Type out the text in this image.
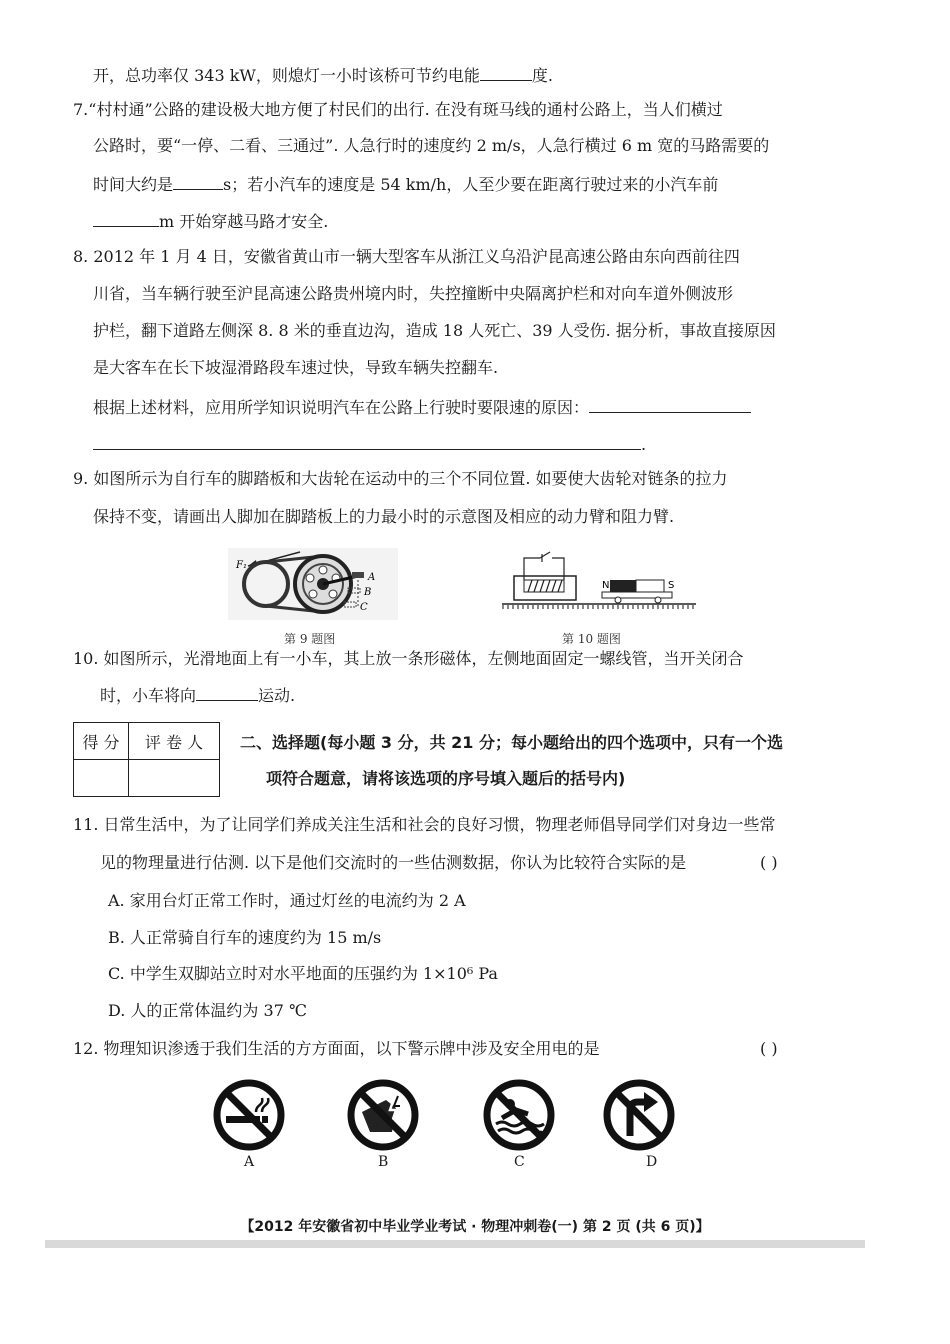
开，总功率仅 343 kW，则熄灯一小时该桥可节约电能	度.
7.“村村通”公路的建设极大地方便了村民们的出行. 在没有斑马线的通村公路上，当人们横过
公路时，要“一停、二看、三通过”. 人急行时的速度约 2 m/s，人急行横过 6 m 宽的马路需要的
时间大约是	s；若小汽车的速度是 54 km/h，人至少要在距离行驶过来的小汽车前
m 开始穿越马路才安全.
8. 2012 年 1 月 4 日，安徽省黄山市一辆大型客车从浙江义乌沿沪昆高速公路由东向西前往四
川省，当车辆行驶至沪昆高速公路贵州境内时，失控撞断中央隔离护栏和对向车道外侧波形
护栏，翻下道路左侧深 8. 8 米的垂直边沟，造成 18 人死亡、39 人受伤. 据分析，事故直接原因
是大客车在长下坡湿滑路段车速过快，导致车辆失控翻车.
根据上述材料，应用所学知识说明汽车在公路上行驶时要限速的原因：
.
9. 如图所示为自行车的脚踏板和大齿轮在运动中的三个不同位置. 如要使大齿轮对链条的拉力
保持不变，请画出人脚加在脚踏板上的力最小时的示意图及相应的动力臂和阻力臂.
F₁
A
B
C
第 9 题图
N	S
第 10 题图
10. 如图所示，光滑地面上有一小车，其上放一条形磁体，左侧地面固定一螺线管，当开关闭合
时，小车将向	运动.
得 分	评 卷 人
	二、选择题(每小题 3 分，共 21 分；每小题给出的四个选项中，只有一个选
项符合题意，请将该选项的序号填入题后的括号内)
11. 日常生活中，为了让同学们养成关注生活和社会的良好习惯，物理老师倡导同学们对身边一些常
见的物理量进行估测. 以下是他们交流时的一些估测数据，你认为比较符合实际的是	( )
A. 家用台灯正常工作时，通过灯丝的电流约为 2 A
B. 人正常骑自行车的速度约为 15 m/s
C. 中学生双脚站立时对水平地面的压强约为 1×10⁶ Pa
D. 人的正常体温约为 37 ℃
12. 物理知识渗透于我们生活的方方面面，以下警示牌中涉及安全用电的是	( )
A	B	C	D
【2012 年安徽省初中毕业学业考试 · 物理冲刺卷(一) 第 2 页 (共 6 页)】
